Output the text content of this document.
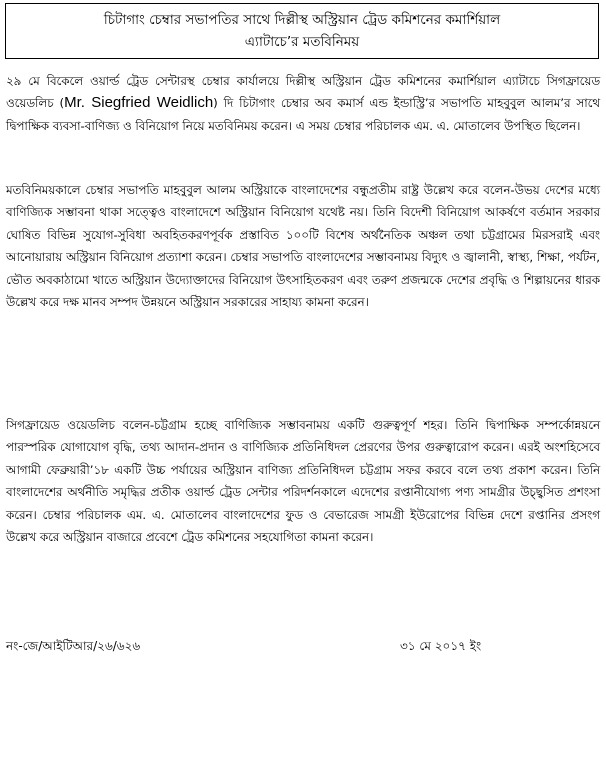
চিটাগাং চেম্বার সভাপতির সাথে দিল্লীস্থ অস্ট্রিয়ান ট্রেড কমিশনের কমার্শিয়াল
এ্যাটাচে’র মতবিনিময়

২৯ মে বিকেলে ওয়ার্ল্ড ট্রেড সেন্টারস্থ চেম্বার কার্যালয়ে দিল্লীস্থ অস্ট্রিয়ান ট্রেড কমিশনের কমার্শিয়াল এ্যাটাচে সিগফ্রায়েড ওয়েডলিচ (Mr. Siegfried Weidlich) দি চিটাগাং চেম্বার অব কমার্স এন্ড ইন্ডাস্ট্রি’র সভাপতি মাহবুবুল আলম’র সাথে দ্বিপাক্ষিক ব্যবসা-বাণিজ্য ও বিনিয়োগ নিয়ে মতবিনিময় করেন। এ সময় চেম্বার পরিচালক এম. এ. মোতালেব উপস্থিত ছিলেন।

মতবিনিময়কালে চেম্বার সভাপতি মাহবুবুল আলম অস্ট্রিয়াকে বাংলাদেশের বন্ধুপ্রতীম রাষ্ট্র উল্লেখ করে বলেন-উভয় দেশের মধ্যে বাণিজ্যিক সম্ভাবনা থাকা সত্ত্বেও বাংলাদেশে অস্ট্রিয়ান বিনিয়োগ যথেষ্ট নয়। তিনি বিদেশী বিনিয়োগ আকর্ষণে বর্তমান সরকার ঘোষিত বিভিন্ন সুযোগ-সুবিধা অবহিতকরণপূর্বক প্রস্তাবিত ১০০টি বিশেষ অর্থনৈতিক অঞ্চল তথা চট্টগ্রামের মিরসরাই এবং আনোয়ারায় অস্ট্রিয়ান বিনিয়োগ প্রত্যাশা করেন। চেম্বার সভাপতি বাংলাদেশের সম্ভাবনাময় বিদ্যুৎ ও জ্বালানী, স্বাস্থ্য, শিক্ষা, পর্যটন, ভৌত অবকাঠামো খাতে অস্ট্রিয়ান উদ্যোক্তাদের বিনিয়োগ উৎসাহিতকরণ এবং তরুণ প্রজন্মকে দেশের প্রবৃদ্ধি ও শিল্পায়নের ধারক উল্লেখ করে দক্ষ মানব সম্পদ উন্নয়নে অস্ট্রিয়ান সরকারের সাহায্য কামনা করেন।

সিগফ্রায়েড ওয়েডলিচ বলেন-চট্টগ্রাম হচ্ছে বাণিজ্যিক সম্ভাবনাময় একটি গুরুত্বপূর্ণ শহর। তিনি দ্বিপাক্ষিক সম্পর্কোন্নয়নে পারস্পরিক যোগাযোগ বৃদ্ধি, তথ্য আদান-প্রদান ও বাণিজ্যিক প্রতিনিধিদল প্রেরণের উপর গুরুত্বারোপ করেন। এরই অংশহিসেবে আগামী ফেব্রুয়ারী’১৮ একটি উচ্চ পর্যায়ের অস্ট্রিয়ান বাণিজ্য প্রতিনিধিদল চট্টগ্রাম সফর করবে বলে তথ্য প্রকাশ করেন। তিনি বাংলাদেশের অর্থনীতি সমৃদ্ধির প্রতীক ওয়ার্ল্ড ট্রেড সেন্টার পরিদর্শনকালে এদেশের রপ্তানীযোগ্য পণ্য সামগ্রীর উচ্ছ্বসিত প্রশংসা করেন। চেম্বার পরিচালক এম. এ. মোতালেব বাংলাদেশের ফুড ও বেভারেজ সামগ্রী ইউরোপের বিভিন্ন দেশে রপ্তানির প্রসংগ উল্লেখ করে অস্ট্রিয়ান বাজারে প্রবেশে ট্রেড কমিশনের সহযোগিতা কামনা করেন।

নং-জে/আইটিআর/২৬/৬২৬	৩১ মে ২০১৭ ইং
